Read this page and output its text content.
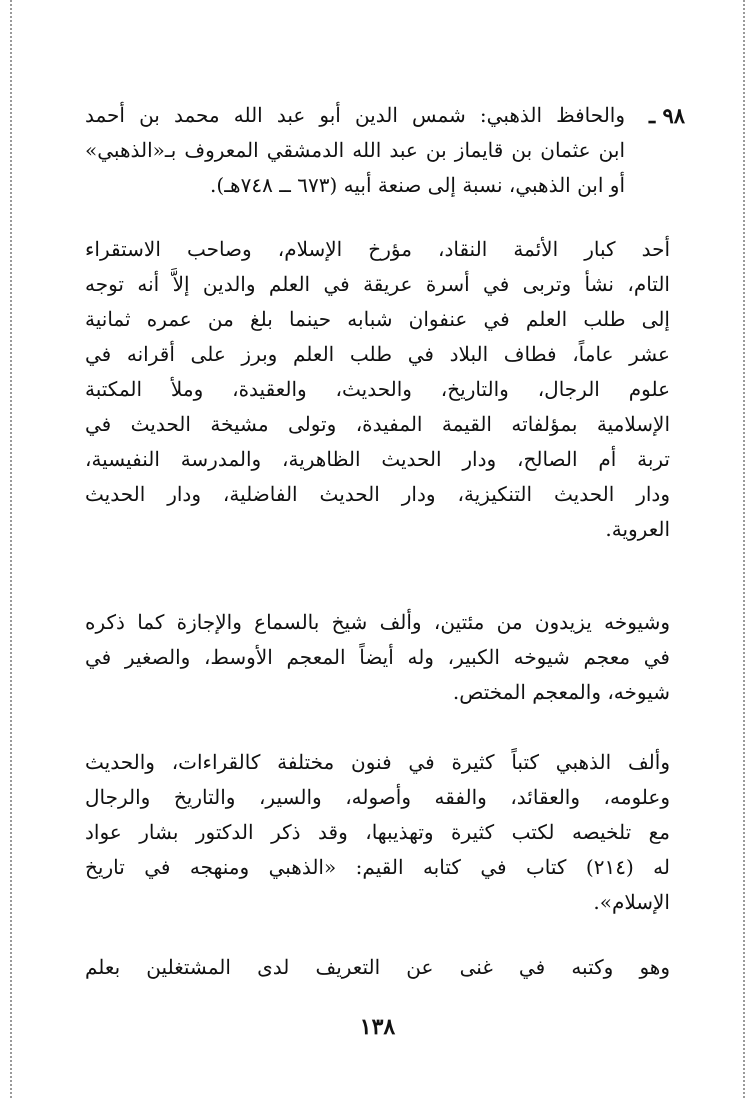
٩٨ ـ
والحافظ الذهبي: شمس الدين أبو عبد الله محمد بن أحمد
ابن عثمان بن قايماز بن عبد الله الدمشقي المعروف بـ«الذهبي»
أو ابن الذهبي، نسبة إلى صنعة أبيه (٦٧٣ ــ ٧٤٨هـ).
أحد كبار الأئمة النقاد، مؤرخ الإسلام، وصاحب الاستقراء
التام، نشأ وتربى في أسرة عريقة في العلم والدين إلاَّ أنه توجه
إلى طلب العلم في عنفوان شبابه حينما بلغ من عمره ثمانية
عشر عاماً، فطاف البلاد في طلب العلم وبرز على أقرانه في
علوم الرجال، والتاريخ، والحديث، والعقيدة، وملأ المكتبة
الإسلامية بمؤلفاته القيمة المفيدة، وتولى مشيخة الحديث في
تربة أم الصالح، ودار الحديث الظاهرية، والمدرسة النفيسية،
ودار الحديث التنكيزية، ودار الحديث الفاضلية، ودار الحديث
العروية.
وشيوخه يزيدون من مئتين، وألف شيخ بالسماع والإجازة كما ذكره
في معجم شيوخه الكبير، وله أيضاً المعجم الأوسط، والصغير في
شيوخه، والمعجم المختص.
وألف الذهبي كتباً كثيرة في فنون مختلفة كالقراءات، والحديث
وعلومه، والعقائد، والفقه وأصوله، والسير، والتاريخ والرجال
مع تلخيصه لكتب كثيرة وتهذيبها، وقد ذكر الدكتور بشار عواد
له (٢١٤) كتاب في كتابه القيم: «الذهبي ومنهجه في تاريخ
الإسلام».
وهو وكتبه في غنى عن التعريف لدى المشتغلين بعلم
١٣٨
